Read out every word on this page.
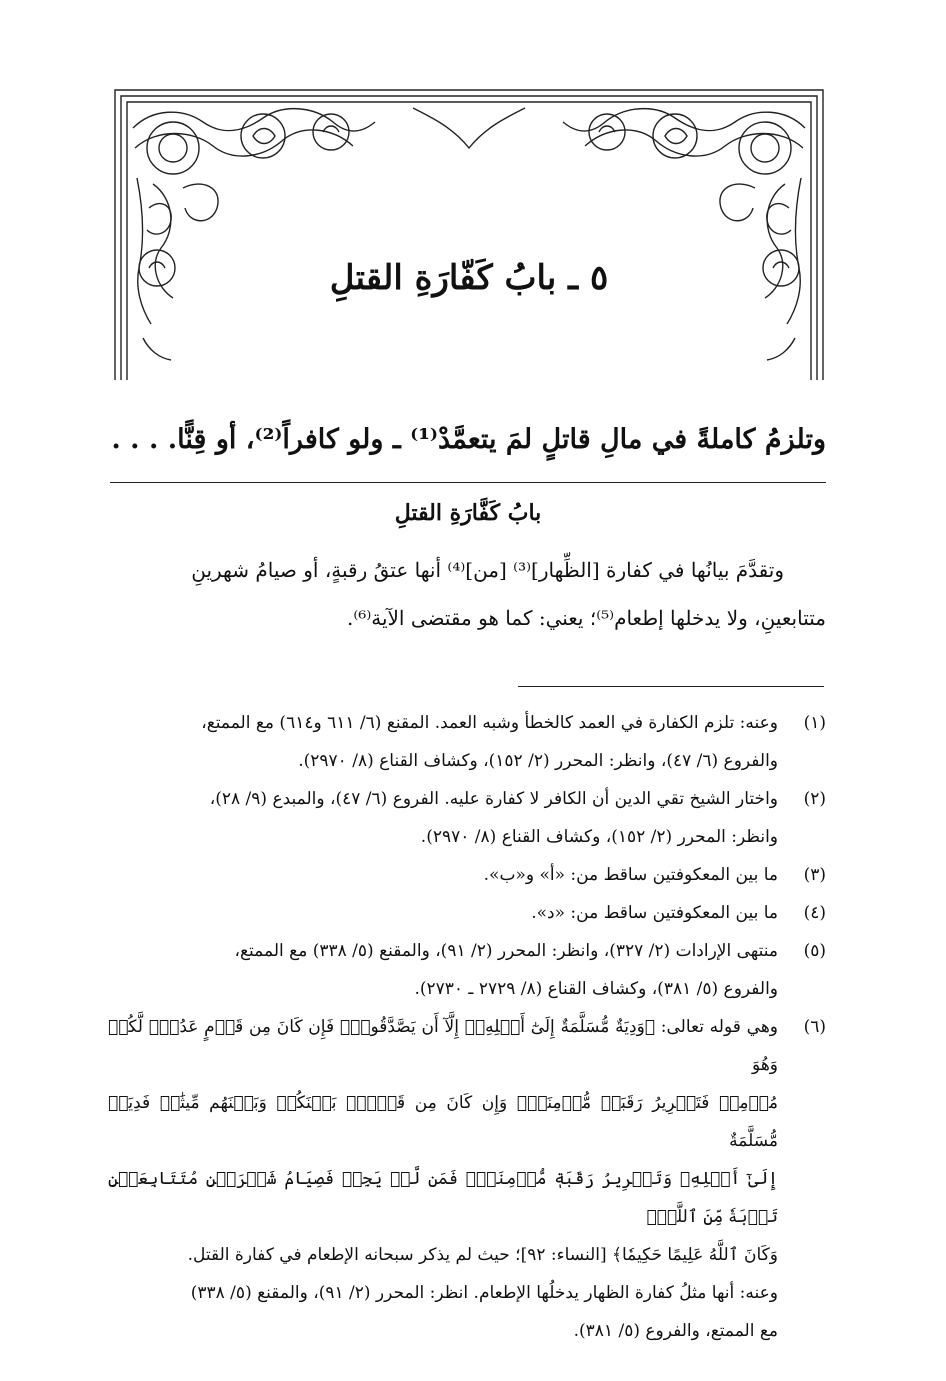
٥ ـ بابُ كَفّارَةِ القتلِ
وتلزمُ كاملةً في مالِ قاتلٍ لمَ يتعمَّدْ⁽¹⁾ ـ ولو كافراً⁽²⁾، أو قِنًّا. . . .
بابُ كَفَّارَةِ القتلِ

وتقدَّمَ بيانُها في كفارة [الظِّهار]⁽³⁾ [من]⁽⁴⁾ أنها عتقُ رقبةٍ، أو صيامُ شهرينِ

متتابعينِ، ولا يدخلها إطعام⁽⁵⁾؛ يعني: كما هو مقتضى الآية⁽⁶⁾.

(١)
وعنه: تلزم الكفارة في العمد كالخطأ وشبه العمد. المقنع (٦/ ٦١١ و٦١٤) مع الممتع،
والفروع (٦/ ٤٧)، وانظر: المحرر (٢/ ١٥٢)، وكشاف القناع (٨/ ٢٩٧٠).
(٢)
واختار الشيخ تقي الدين أن الكافر لا كفارة عليه. الفروع (٦/ ٤٧)، والمبدع (٩/ ٢٨)،
وانظر: المحرر (٢/ ١٥٢)، وكشاف القناع (٨/ ٢٩٧٠).
(٣)
ما بين المعكوفتين ساقط من: «أ» و«ب».
(٤)
ما بين المعكوفتين ساقط من: «د».
(٥)
منتهى الإرادات (٢/ ٣٢٧)، وانظر: المحرر (٢/ ٩١)، والمقنع (٥/ ٣٣٨) مع الممتع،
والفروع (٥/ ٣٨١)، وكشاف القناع (٨/ ٢٧٢٩ ـ ٢٧٣٠).
(٦)
وهي قوله تعالى: ﴿وَدِيَةٌ مُّسَلَّمَةٌ إِلَىٰٓ أَهۡلِهِۦٓ إِلَّآ أَن يَصَّدَّقُواْۚ فَإِن كَانَ مِن قَوۡمٍ عَدُوّٖ لَّكُمۡ وَهُوَ
مُؤۡمِنٞ فَتَحۡرِيرُ رَقَبَةٖ مُّؤۡمِنَةٖۖ وَإِن كَانَ مِن قَوۡمِۭ بَيۡنَكُمۡ وَبَيۡنَهُم مِّيثَٰقٞ فَدِيَةٞ مُّسَلَّمَةٌ
إِلَىٰٓ أَهۡلِهِۦ وَتَحۡرِيرُ رَقَبَةٖ مُّؤۡمِنَةٖۖ فَمَن لَّمۡ يَجِدۡ فَصِيَامُ شَهۡرَيۡنِ مُتَتَابِعَيۡنِ تَوۡبَةٗ مِّنَ ٱللَّهِۗ
وَكَانَ ٱللَّهُ عَلِيمًا حَكِيمٗا﴾ [النساء: ٩٢]؛ حيث لم يذكر سبحانه الإطعام في كفارة القتل.
وعنه: أنها مثلُ كفارة الظهار يدخلُها الإطعام. انظر: المحرر (٢/ ٩١)، والمقنع (٥/ ٣٣٨)
مع الممتع، والفروع (٥/ ٣٨١).
